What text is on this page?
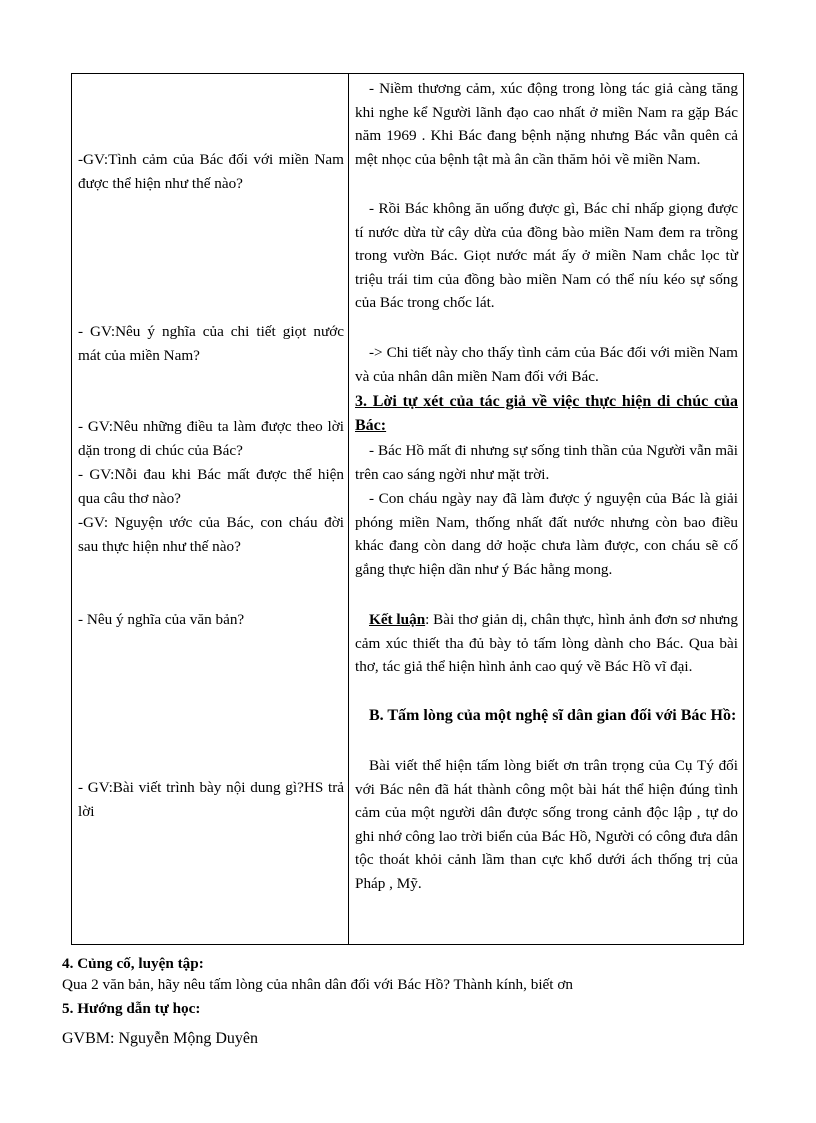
-GV:Tình cảm của Bác đối với miền Nam được thể hiện như thế nào?

- GV:Nêu ý nghĩa của chi tiết giọt nước mát của miền Nam?

- GV:Nêu những điều ta làm được theo lời dặn trong di chúc của Bác?

- GV:Nỗi đau khi Bác mất được thể hiện qua câu thơ nào?

-GV: Nguyện ước của Bác, con cháu đời sau thực hiện như thế nào?

- Nêu ý nghĩa của văn bản?

- GV:Bài viết trình bày nội dung gì?HS trả lời

- Niềm thương cảm, xúc động trong lòng tác giả càng tăng khi nghe kể Người lãnh đạo cao nhất ở miền Nam ra gặp Bác năm 1969 . Khi Bác đang bệnh nặng nhưng Bác vẫn quên cả mệt nhọc của bệnh tật mà ân cần thăm hỏi về miền Nam.

- Rồi Bác không ăn uống được gì, Bác chỉ nhấp giọng được tí nước dừa từ cây dừa của đồng bào miền Nam đem ra trồng trong vườn Bác. Giọt nước mát ấy ở miền Nam chắc lọc từ triệu trái tim của đồng bào miền Nam có thể níu kéo sự sống của Bác trong chốc lát.

-> Chi tiết này cho thấy tình cảm của Bác đối với miền Nam và của nhân dân miền Nam đối với Bác.

3. Lời tự xét của tác giả về việc thực hiện di chúc của Bác:

- Bác Hồ mất đi nhưng sự sống tinh thần của Người vẫn mãi trên cao sáng ngời như mặt trời.

- Con cháu ngày nay đã làm được ý nguyện của Bác là giải phóng miền Nam, thống nhất đất nước nhưng còn bao điều khác đang còn dang dở hoặc chưa làm được, con cháu sẽ cố gắng thực hiện dần như ý Bác hằng mong.

Kết luận: Bài thơ giản dị, chân thực, hình ảnh đơn sơ nhưng cảm xúc thiết tha đủ bày tỏ tấm lòng dành cho Bác. Qua bài thơ, tác giả thể hiện hình ảnh cao quý về Bác Hồ vĩ đại.

B. Tấm lòng của một nghệ sĩ dân gian đối với Bác Hồ:

Bài viết thể hiện tấm lòng biết ơn trân trọng của Cụ Tý đối với Bác nên đã hát thành công một bài hát thể hiện đúng tình cảm của một người dân được sống trong cảnh độc lập , tự do ghi nhớ công lao trời biển của Bác Hồ, Người có công đưa dân tộc thoát khỏi cảnh lầm than cực khổ dưới ách thống trị của Pháp , Mỹ.

4. Củng cố, luyện tập:

Qua 2 văn bản, hãy nêu tấm lòng của nhân dân đối với Bác Hồ? Thành kính, biết ơn

5. Hướng dẫn tự học:

GVBM: Nguyễn Mộng Duyên
